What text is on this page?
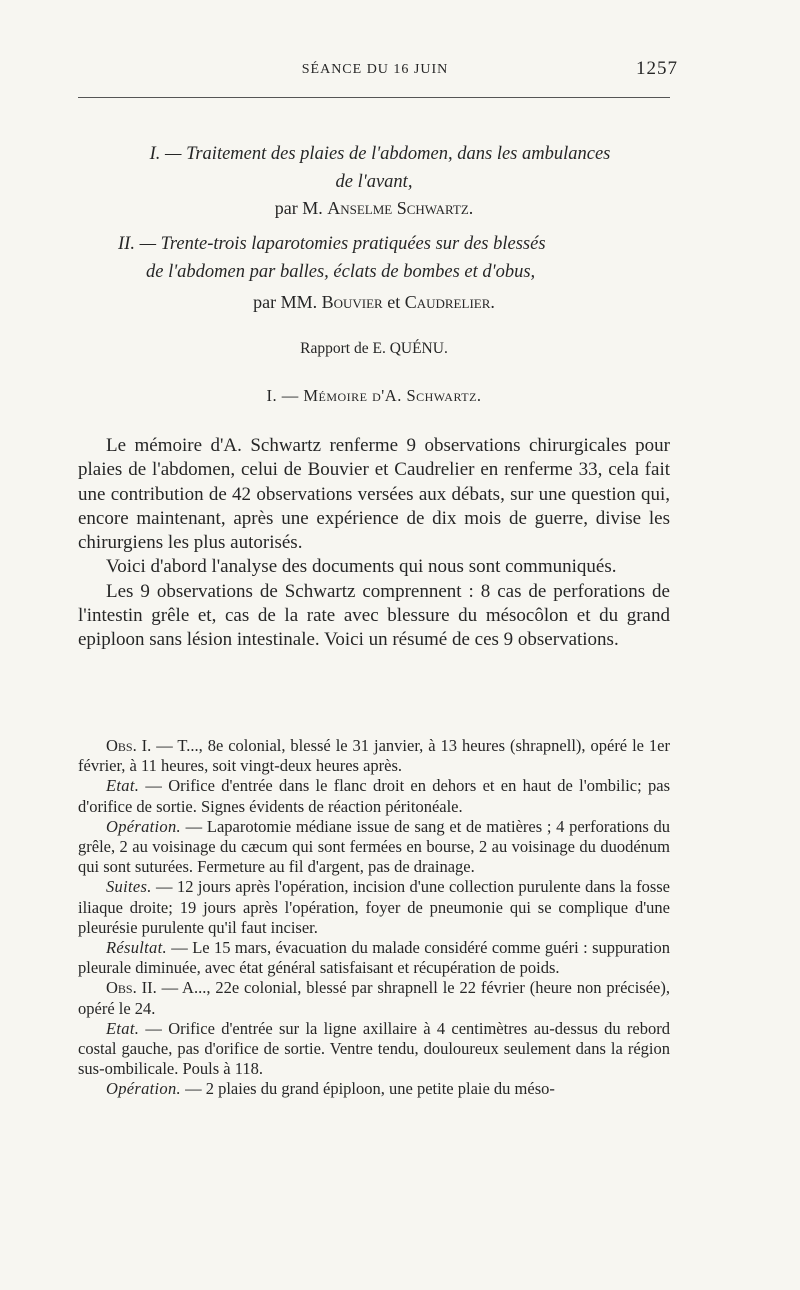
SÉANCE DU 16 JUIN	1257
I. — Traitement des plaies de l'abdomen, dans les ambulances
de l'avant,
par M. Anselme Schwartz.
II. — Trente-trois laparotomies pratiquées sur des blessés
de l'abdomen par balles, éclats de bombes et d'obus,
par MM. Bouvier et Caudrelier.
Rapport de E. QUÉNU.
I. — Mémoire d'A. Schwartz.

Le mémoire d'A. Schwartz renferme 9 observations chirurgicales pour plaies de l'abdomen, celui de Bouvier et Caudrelier en renferme 33, cela fait une contribution de 42 observations versées aux débats, sur une question qui, encore maintenant, après une expérience de dix mois de guerre, divise les chirurgiens les plus autorisés.

Voici d'abord l'analyse des documents qui nous sont communiqués.

Les 9 observations de Schwartz comprennent : 8 cas de perforations de l'intestin grêle et, cas de la rate avec blessure du mésocôlon et du grand epiploon sans lésion intestinale. Voici un résumé de ces 9 observations.

Obs. I. — T..., 8e colonial, blessé le 31 janvier, à 13 heures (shrapnell), opéré le 1er février, à 11 heures, soit vingt-deux heures après.

Etat. — Orifice d'entrée dans le flanc droit en dehors et en haut de l'ombilic; pas d'orifice de sortie. Signes évidents de réaction péritonéale.

Opération. — Laparotomie médiane issue de sang et de matières ; 4 perforations du grêle, 2 au voisinage du cæcum qui sont fermées en bourse, 2 au voisinage du duodénum qui sont suturées. Fermeture au fil d'argent, pas de drainage.

Suites. — 12 jours après l'opération, incision d'une collection purulente dans la fosse iliaque droite; 19 jours après l'opération, foyer de pneumonie qui se complique d'une pleurésie purulente qu'il faut inciser.

Résultat. — Le 15 mars, évacuation du malade considéré comme guéri : suppuration pleurale diminuée, avec état général satisfaisant et récupération de poids.

Obs. II. — A..., 22e colonial, blessé par shrapnell le 22 février (heure non précisée), opéré le 24.

Etat. — Orifice d'entrée sur la ligne axillaire à 4 centimètres au-dessus du rebord costal gauche, pas d'orifice de sortie. Ventre tendu, douloureux seulement dans la région sus-ombilicale. Pouls à 118.

Opération. — 2 plaies du grand épiploon, une petite plaie du méso-
